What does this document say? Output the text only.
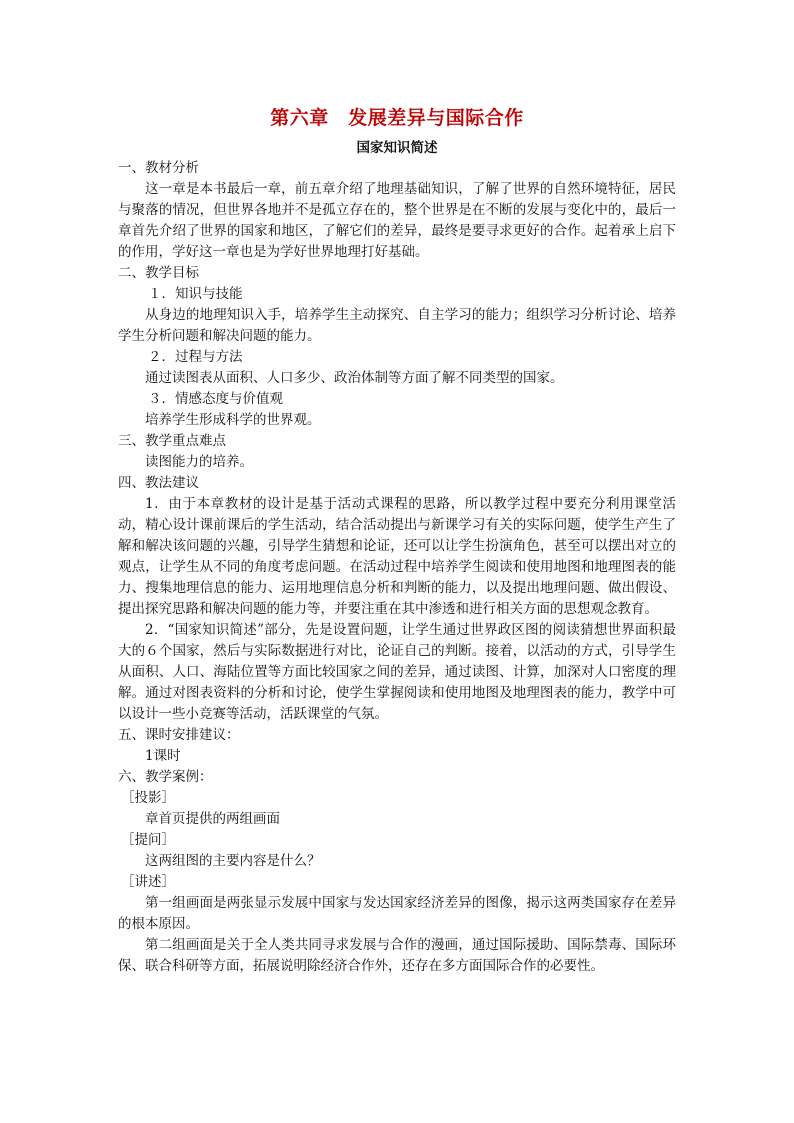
第六章　发展差异与国际合作
国家知识简述

一、教材分析

这一章是本书最后一章，前五章介绍了地理基础知识，了解了世界的自然环境特征，居民与聚落的情况，但世界各地并不是孤立存在的，整个世界是在不断的发展与变化中的，最后一章首先介绍了世界的国家和地区，了解它们的差异，最终是要寻求更好的合作。起着承上启下的作用，学好这一章也是为学好世界地理打好基础。

二、教学目标

１．知识与技能

从身边的地理知识入手，培养学生主动探究、自主学习的能力；组织学习分析讨论、培养学生分析问题和解决问题的能力。

２．过程与方法

通过读图表从面积、人口多少、政治体制等方面了解不同类型的国家。

３．情感态度与价值观

培养学生形成科学的世界观。

三、教学重点难点

读图能力的培养。

四、教法建议

1．由于本章教材的设计是基于活动式课程的思路，所以教学过程中要充分利用课堂活动，精心设计课前课后的学生活动，结合活动提出与新课学习有关的实际问题，使学生产生了解和解决该问题的兴趣，引导学生猜想和论证，还可以让学生扮演角色，甚至可以摆出对立的观点，让学生从不同的角度考虑问题。在活动过程中培养学生阅读和使用地图和地理图表的能力、搜集地理信息的能力、运用地理信息分析和判断的能力，以及提出地理问题、做出假设、提出探究思路和解决问题的能力等，并要注重在其中渗透和进行相关方面的思想观念教育。

2．“国家知识简述”部分，先是设置问题，让学生通过世界政区图的阅读猜想世界面积最大的６个国家，然后与实际数据进行对比，论证自己的判断。接着，以活动的方式，引导学生从面积、人口、海陆位置等方面比较国家之间的差异，通过读图、计算，加深对人口密度的理解。通过对图表资料的分析和讨论，使学生掌握阅读和使用地图及地理图表的能力，教学中可以设计一些小竞赛等活动，活跃课堂的气氛。

五、课时安排建议：

1课时

六、教学案例：

［投影］

章首页提供的两组画面

［提问］

这两组图的主要内容是什么？

［讲述］

第一组画面是两张显示发展中国家与发达国家经济差异的图像，揭示这两类国家存在差异的根本原因。

第二组画面是关于全人类共同寻求发展与合作的漫画，通过国际援助、国际禁毒、国际环保、联合科研等方面，拓展说明除经济合作外，还存在多方面国际合作的必要性。
